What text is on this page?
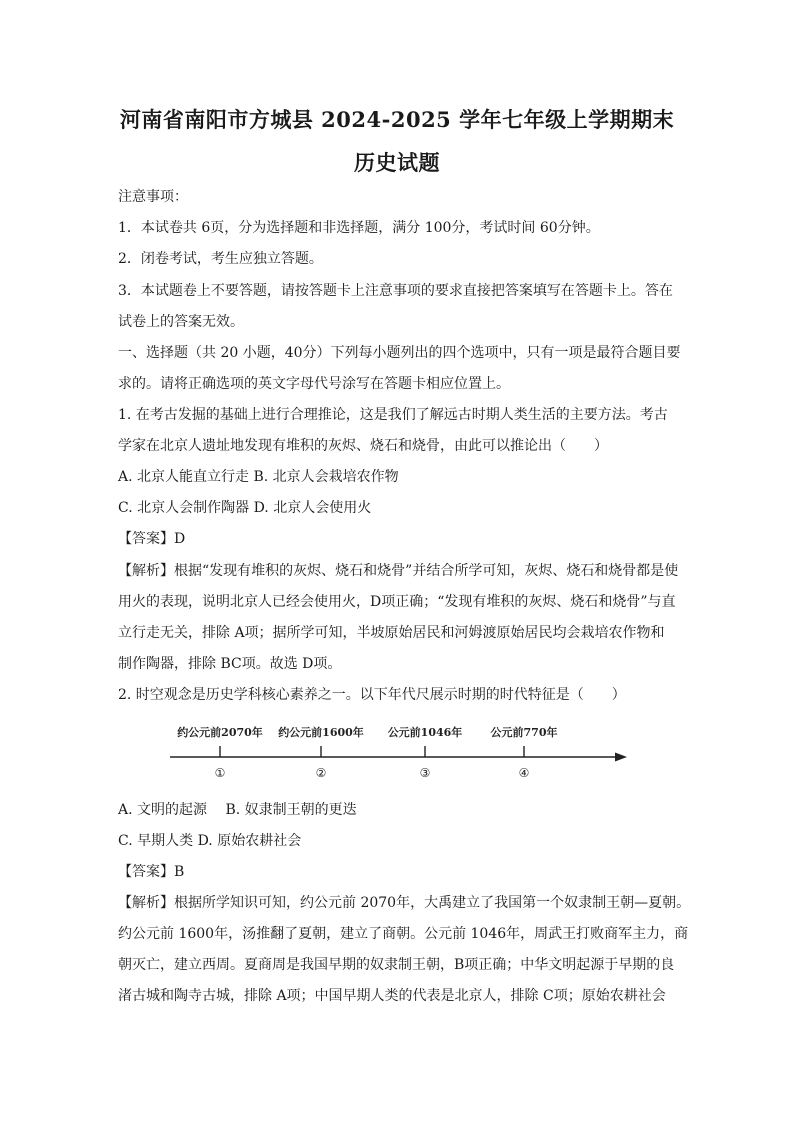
河南省南阳市方城县 2024-2025 学年七年级上学期期末
历史试题
注意事项：
1．本试卷共 6页，分为选择题和非选择题，满分 100分，考试时间 60分钟。
2．闭卷考试，考生应独立答题。
3．本试题卷上不要答题，请按答题卡上注意事项的要求直接把答案填写在答题卡上。答在
试卷上的答案无效。
一、选择题（共 20 小题，40分）下列每小题列出的四个选项中，只有一项是最符合题目要
求的。请将正确选项的英文字母代号涂写在答题卡相应位置上。
1. 在考古发掘的基础上进行合理推论，这是我们了解远古时期人类生活的主要方法。考古
学家在北京人遗址地发现有堆积的灰烬、烧石和烧骨，由此可以推论出（　　）
A. 北京人能直立行走 B. 北京人会栽培农作物
C. 北京人会制作陶器 D. 北京人会使用火
【答案】D
【解析】根据“发现有堆积的灰烬、烧石和烧骨”并结合所学可知，灰烬、烧石和烧骨都是使
用火的表现，说明北京人已经会使用火，D项正确；“发现有堆积的灰烬、烧石和烧骨”与直
立行走无关，排除 A项；据所学可知，半坡原始居民和河姆渡原始居民均会栽培农作物和
制作陶器，排除 BC项。故选 D项。
2. 时空观念是历史学科核心素养之一。以下年代尺展示时期的时代特征是（　　）
约公元前2070年 约公元前1600年 公元前1046年	公元前770年
①	②	③	④
A. 文明的起源　 B. 奴隶制王朝的更迭
C. 早期人类 D. 原始农耕社会
【答案】B
【解析】根据所学知识可知，约公元前 2070年，大禹建立了我国第一个奴隶制王朝—夏朝。
约公元前 1600年，汤推翻了夏朝，建立了商朝。公元前 1046年，周武王打败商军主力，商
朝灭亡，建立西周。夏商周是我国早期的奴隶制王朝，B项正确；中华文明起源于早期的良
渚古城和陶寺古城，排除 A项；中国早期人类的代表是北京人，排除 C项；原始农耕社会
